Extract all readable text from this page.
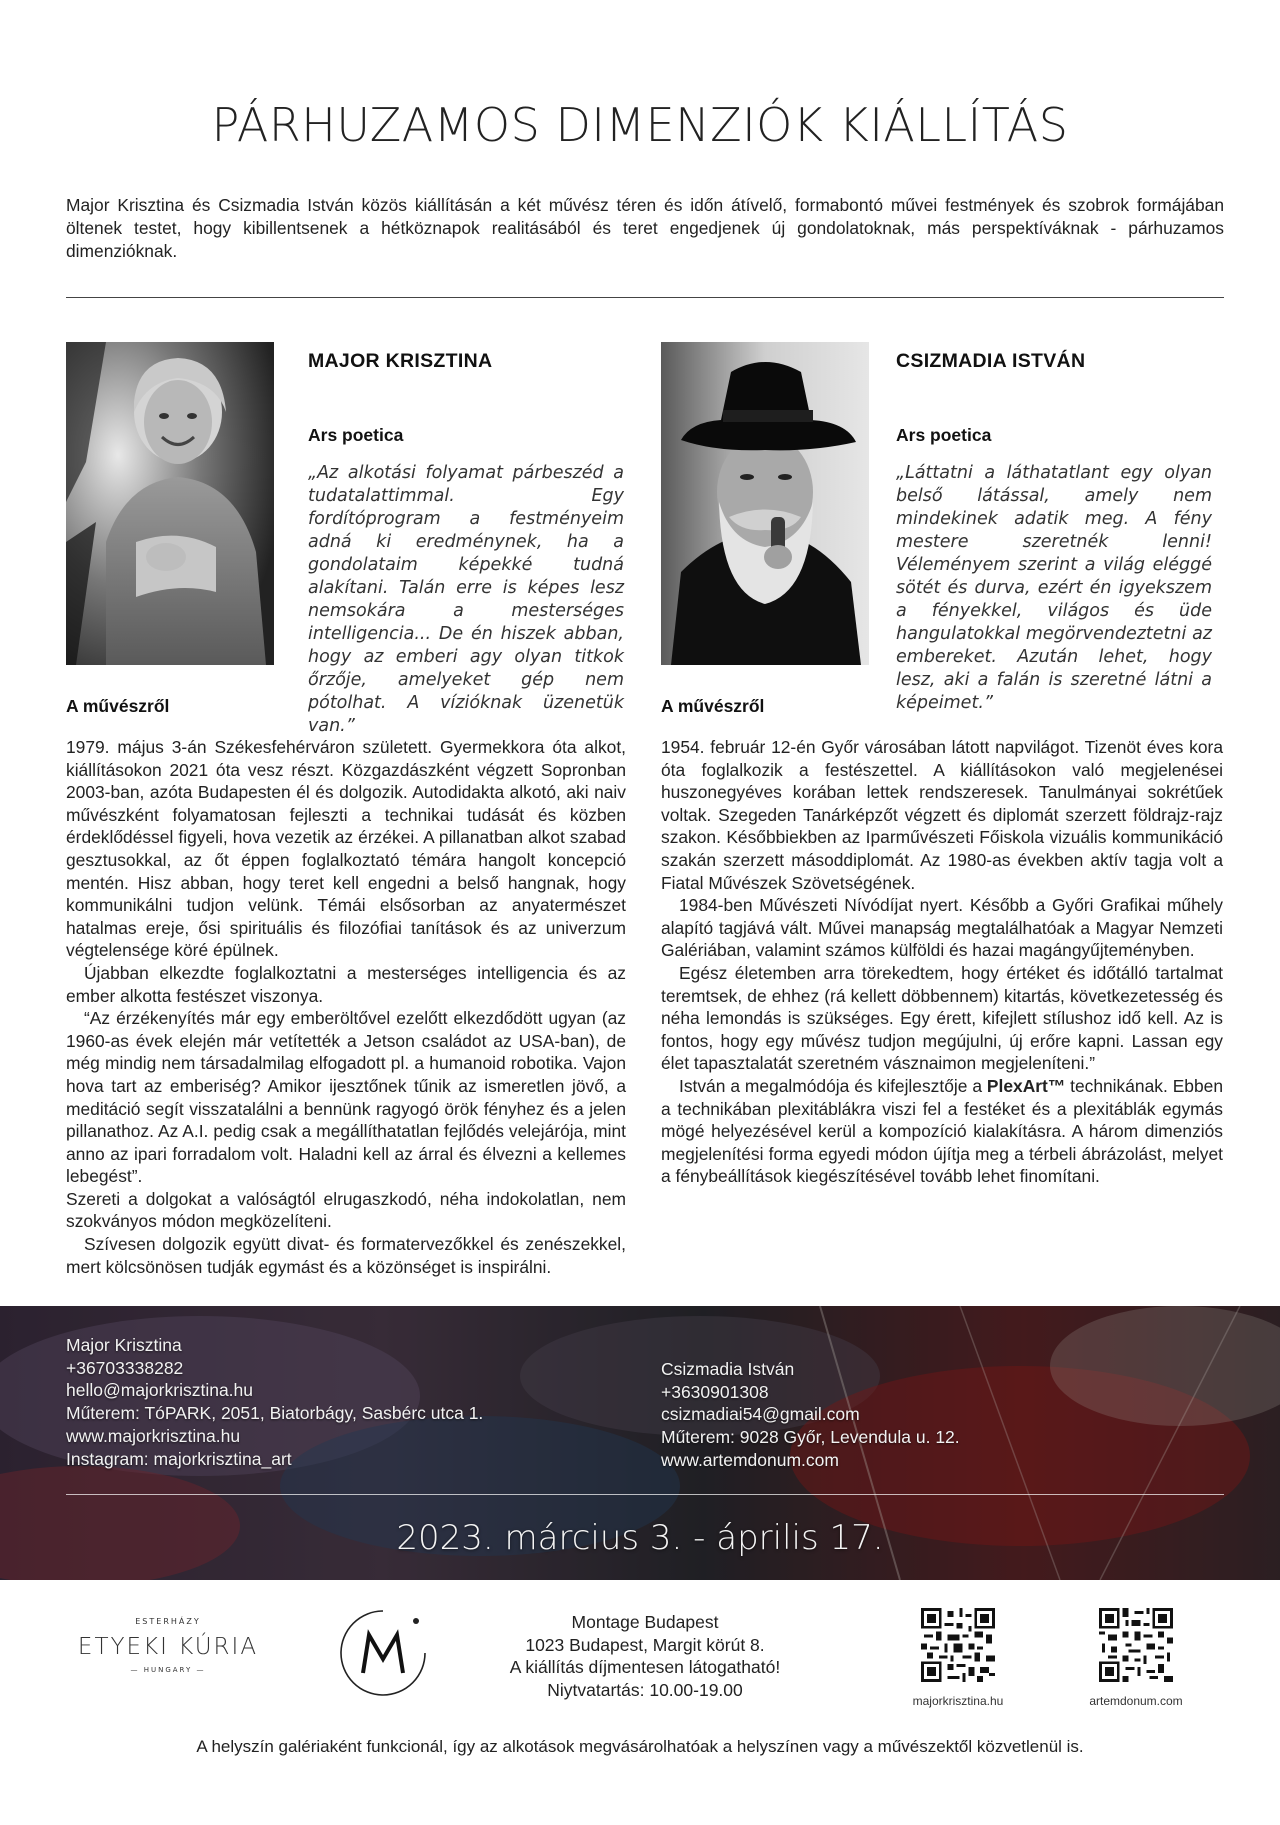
PÁRHUZAMOS DIMENZIÓK KIÁLLÍTÁS
Major Krisztina és Csizmadia István közös kiállításán a két művész téren és időn átívelő, formabontó művei festmények és szobrok formájában öltenek testet, hogy kibillentsenek a hétköznapok realitásából és teret engedjenek új gondolatoknak, más perspektíváknak - párhuzamos dimenzióknak.
MAJOR KRISZTINA
Ars poetica
„Az alkotási folyamat párbeszéd a tudatalattimmal. Egy fordítóprogram a festményeim adná ki eredménynek, ha a gondolataim képekké tudná alakítani. Talán erre is képes lesz nemsokára a mesterséges intelligencia... De én hiszek abban, hogy az emberi agy olyan titkok őrzője, amelyeket gép nem pótolhat. A vízióknak üzenetük van.”
A művészről

1979. május 3-án Székesfehérváron született. Gyermekkora óta alkot, kiállításokon 2021 óta vesz részt. Közgazdászként végzett Sopronban 2003-ban, azóta Budapesten él és dolgozik. Autodidakta alkotó, aki naiv művészként folyamatosan fejleszti a technikai tudását és közben érdeklődéssel figyeli, hova vezetik az érzékei. A pillanatban alkot szabad gesztusokkal, az őt éppen foglalkoztató témára hangolt koncepció mentén. Hisz abban, hogy teret kell engedni a belső hangnak, hogy kommunikálni tudjon velünk. Témái elsősorban az anyatermészet hatalmas ereje, ősi spirituális és filozófiai tanítások és az univerzum végtelensége köré épülnek.

Újabban elkezdte foglalkoztatni a mesterséges intelligencia és az ember alkotta festészet viszonya.

“Az érzékenyítés már egy emberöltővel ezelőtt elkezdődött ugyan (az 1960-as évek elején már vetítették a Jetson családot az USA-ban), de még mindig nem társadalmilag elfogadott pl. a humanoid robotika. Vajon hova tart az emberiség? Amikor ijesztőnek tűnik az ismeretlen jövő, a meditáció segít visszatalálni a bennünk ragyogó örök fényhez és a jelen pillanathoz. Az A.I. pedig csak a megállíthatatlan fejlődés velejárója, mint anno az ipari forradalom volt. Haladni kell az árral és élvezni a kellemes lebegést”.

Szereti a dolgokat a valóságtól elrugaszkodó, néha indokolatlan, nem szokványos módon megközelíteni.

Szívesen dolgozik együtt divat- és formatervezőkkel és zenészekkel, mert kölcsönösen tudják egymást és a közönséget is inspirálni.

CSIZMADIA ISTVÁN
Ars poetica
„Láttatni a láthatatlant egy olyan belső látással, amely nem mindekinek adatik meg. A fény mestere szeretnék lenni! Véleményem szerint a világ eléggé sötét és durva, ezért én igyekszem a fényekkel, világos és üde hangulatokkal megörvendeztetni az embereket. Azután lehet, hogy lesz, aki a falán is szeretné látni a képeimet.”
A művészről

1954. február 12-én Győr városában látott napvilágot. Tizenöt éves kora óta foglalkozik a festészettel. A kiállításokon való megjelenései huszonegyéves korában lettek rendszeresek. Tanulmányai sokrétűek voltak. Szegeden Tanárképzőt végzett és diplomát szerzett földrajz-rajz szakon. Későbbiekben az Iparművészeti Főiskola vizuális kommunikáció szakán szerzett másoddiplomát. Az 1980-as években aktív tagja volt a Fiatal Művészek Szövetségének.

1984-ben Művészeti Nívódíjat nyert. Később a Győri Grafikai műhely alapító tagjává vált. Művei manapság megtalálhatóak a Magyar Nemzeti Galériában, valamint számos külföldi és hazai magángyűjteményben.

Egész életemben arra törekedtem, hogy értéket és időtálló tartalmat teremtsek, de ehhez (rá kellett döbbennem) kitartás, következetesség és néha lemondás is szükséges. Egy érett, kifejlett stílushoz idő kell. Az is fontos, hogy egy művész tudjon megújulni, új erőre kapni. Lassan egy élet tapasztalatát szeretném vásznaimon megjeleníteni.”

István a megalmódója és kifejlesztője a PlexArt™ technikának. Ebben a technikában plexitáblákra viszi fel a festéket és a plexitáblák egymás mögé helyezésével kerül a kompozíció kialakításra. A három dimenziós megjelenítési forma egyedi módon újítja meg a térbeli ábrázolást, melyet a fénybeállítások kiegészítésével tovább lehet finomítani.

Major Krisztina
+36703338282
hello@majorkrisztina.hu
Műterem: TóPARK, 2051, Biatorbágy, Sasbérc utca 1.
www.majorkrisztina.hu
Instagram: majorkrisztina_art
Csizmadia István
+3630901308
csizmadiai54@gmail.com
Műterem: 9028 Győr, Levendula u. 12.
www.artemdonum.com
2023. március 3. - április 17.
ESTERHÁZY
ETYEKI KÚRIA
— HUNGARY —
Montage Budapest
1023 Budapest, Margit körút 8.
A kiállítás díjmentesen látogatható!
Niytvatartás: 10.00-19.00
majorkrisztina.hu	artemdonum.com
A helyszín galériaként funkcionál, így az alkotások megvásárolhatóak a helyszínen vagy a művészektől közvetlenül is.
